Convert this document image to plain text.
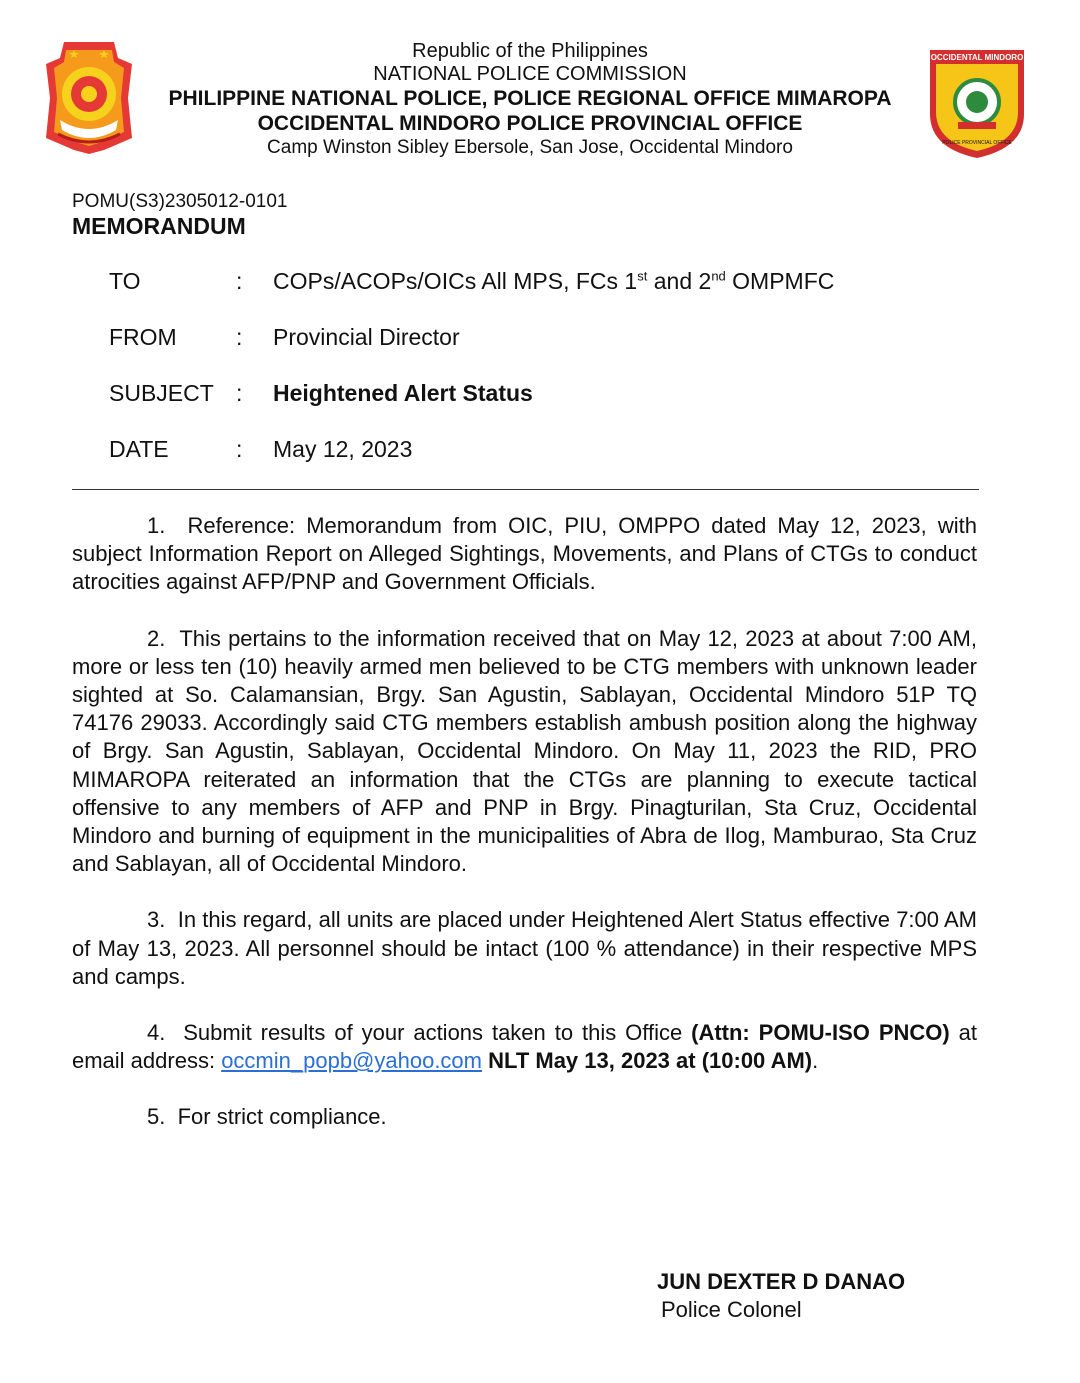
Republic of the Philippines
NATIONAL POLICE COMMISSION
PHILIPPINE NATIONAL POLICE, POLICE REGIONAL OFFICE MIMAROPA
OCCIDENTAL MINDORO POLICE PROVINCIAL OFFICE
Camp Winston Sibley Ebersole, San Jose, Occidental Mindoro
OCCIDENTAL MINDORO
POLICE PROVINCIAL OFFICE
POMU(S3)2305012-0101
MEMORANDUM
TO	: COPs/ACOPs/OICs All MPS, FCs 1st and 2nd OMPMFC
FROM	: Provincial Director
SUBJECT : Heightened Alert Status
DATE	: May 12, 2023

1. Reference: Memorandum from OIC, PIU, OMPPO dated May 12, 2023, with subject Information Report on Alleged Sightings, Movements, and Plans of CTGs to conduct atrocities against AFP/PNP and Government Officials.

2. This pertains to the information received that on May 12, 2023 at about 7:00 AM, more or less ten (10) heavily armed men believed to be CTG members with unknown leader sighted at So. Calamansian, Brgy. San Agustin, Sablayan, Occidental Mindoro 51P TQ 74176 29033. Accordingly said CTG members establish ambush position along the highway of Brgy. San Agustin, Sablayan, Occidental Mindoro. On May 11, 2023 the RID, PRO MIMAROPA reiterated an information that the CTGs are planning to execute tactical offensive to any members of AFP and PNP in Brgy. Pinagturilan, Sta Cruz, Occidental Mindoro and burning of equipment in the municipalities of Abra de Ilog, Mamburao, Sta Cruz and Sablayan, all of Occidental Mindoro.

3. In this regard, all units are placed under Heightened Alert Status effective 7:00 AM of May 13, 2023. All personnel should be intact (100 % attendance) in their respective MPS and camps.

4. Submit results of your actions taken to this Office (Attn: POMU-ISO PNCO) at email address: occmin_popb@yahoo.com NLT May 13, 2023 at (10:00 AM).

5. For strict compliance.

JUN DEXTER D DANAO
Police Colonel
